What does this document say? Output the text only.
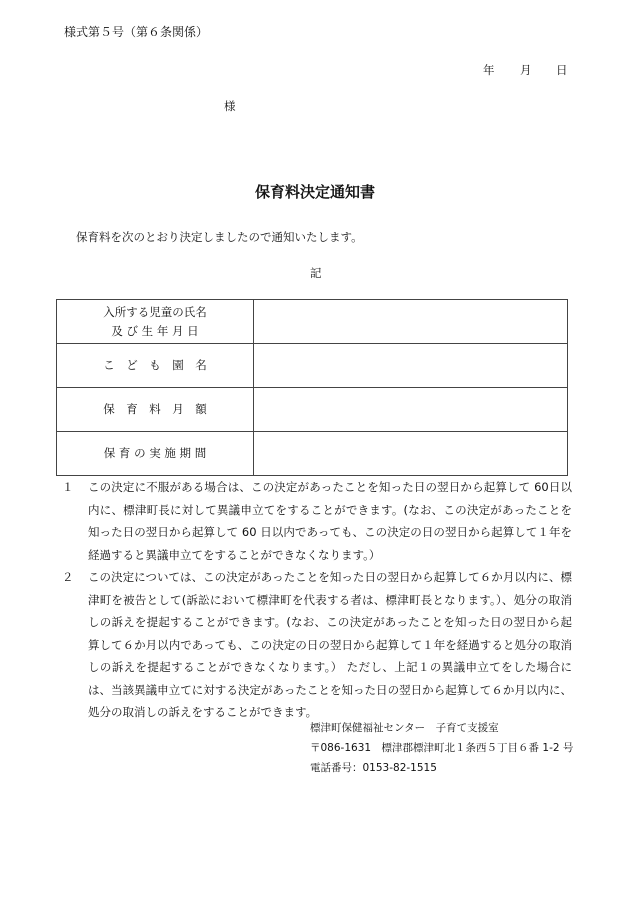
様式第５号（第６条関係）
年 月 日
様
保育料決定通知書
保育料を次のとおり決定しましたので通知いたします。
記
入所する児童の氏名
及 び 生 年 月 日	

こ　ど　も　園　名	

保　育　料　月　額	

保 育 の 実 施 期 間	

１	この決定に不服がある場合は、この決定があったことを知った日の翌日から起算して 60日以内に、標津町長に対して異議申立てをすることができます。(なお、この決定があったことを知った日の翌日から起算して 60 日以内であっても、この決定の日の翌日から起算して１年を経過すると異議申立てをすることができなくなります。）
２	この決定については、この決定があったことを知った日の翌日から起算して６か月以内に、標津町を被告として(訴訟において標津町を代表する者は、標津町長となります。）、処分の取消しの訴えを提起することができます。(なお、この決定があったことを知った日の翌日から起算して６か月以内であっても、この決定の日の翌日から起算して１年を経過すると処分の取消しの訴えを提起することができなくなります。） ただし、上記１の異議申立てをした場合には、当該異議申立てに対する決定があったことを知った日の翌日から起算して６か月以内に、処分の取消しの訴えをすることができます。
標津町保健福祉センター　子育て支援室
〒086-1631　標津郡標津町北１条西５丁目６番 1-2 号
電話番号：0153-82-1515
